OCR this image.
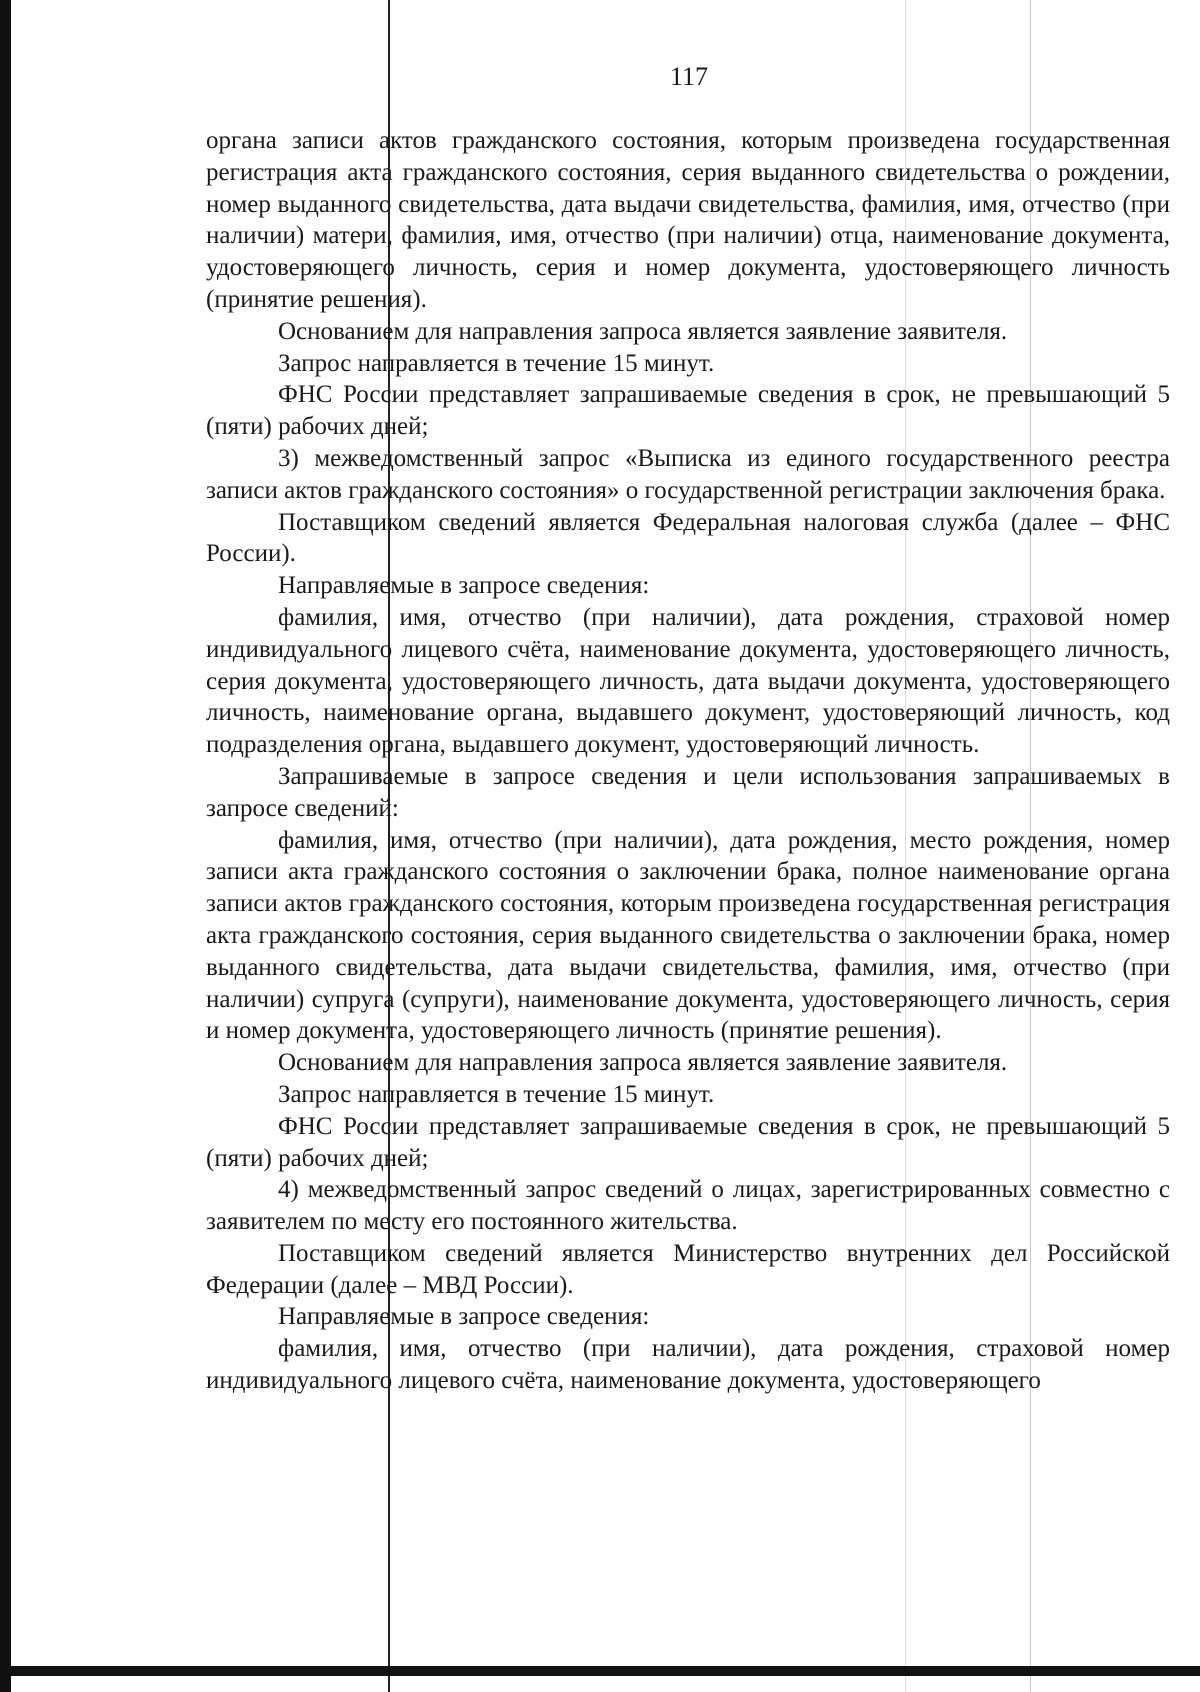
117

органа записи актов гражданского состояния, которым произведена государственная регистрация акта гражданского состояния, серия выданного свидетельства о рождении, номер выданного свидетельства, дата выдачи свидетельства, фамилия, имя, отчество (при наличии) матери, фамилия, имя, отчество (при наличии) отца, наименование документа, удостоверяющего личность, серия и номер документа, удостоверяющего личность (принятие решения).

Основанием для направления запроса является заявление заявителя.

Запрос направляется в течение 15 минут.

ФНС России представляет запрашиваемые сведения в срок, не превышающий 5 (пяти) рабочих дней;

3) межведомственный запрос «Выписка из единого государственного реестра записи актов гражданского состояния» о государственной регистрации заключения брака.

Поставщиком сведений является Федеральная налоговая служба (далее – ФНС России).

Направляемые в запросе сведения:

фамилия, имя, отчество (при наличии), дата рождения, страховой номер индивидуального лицевого счёта, наименование документа, удостоверяющего личность, серия документа, удостоверяющего личность, дата выдачи документа, удостоверяющего личность, наименование органа, выдавшего документ, удостоверяющий личность, код подразделения органа, выдавшего документ, удостоверяющий личность.

Запрашиваемые в запросе сведения и цели использования запрашиваемых в запросе сведений:

фамилия, имя, отчество (при наличии), дата рождения, место рождения, номер записи акта гражданского состояния о заключении брака, полное наименование органа записи актов гражданского состояния, которым произведена государственная регистрация акта гражданского состояния, серия выданного свидетельства о заключении брака, номер выданного свидетельства, дата выдачи свидетельства, фамилия, имя, отчество (при наличии) супруга (супруги), наименование документа, удостоверяющего личность, серия и номер документа, удостоверяющего личность (принятие решения).

Основанием для направления запроса является заявление заявителя.

Запрос направляется в течение 15 минут.

ФНС России представляет запрашиваемые сведения в срок, не превышающий 5 (пяти) рабочих дней;

4) межведомственный запрос сведений о лицах, зарегистрированных совместно с заявителем по месту его постоянного жительства.

Поставщиком сведений является Министерство внутренних дел Российской Федерации (далее – МВД России).

Направляемые в запросе сведения:

фамилия, имя, отчество (при наличии), дата рождения, страховой номер индивидуального лицевого счёта, наименование документа, удостоверяющего
